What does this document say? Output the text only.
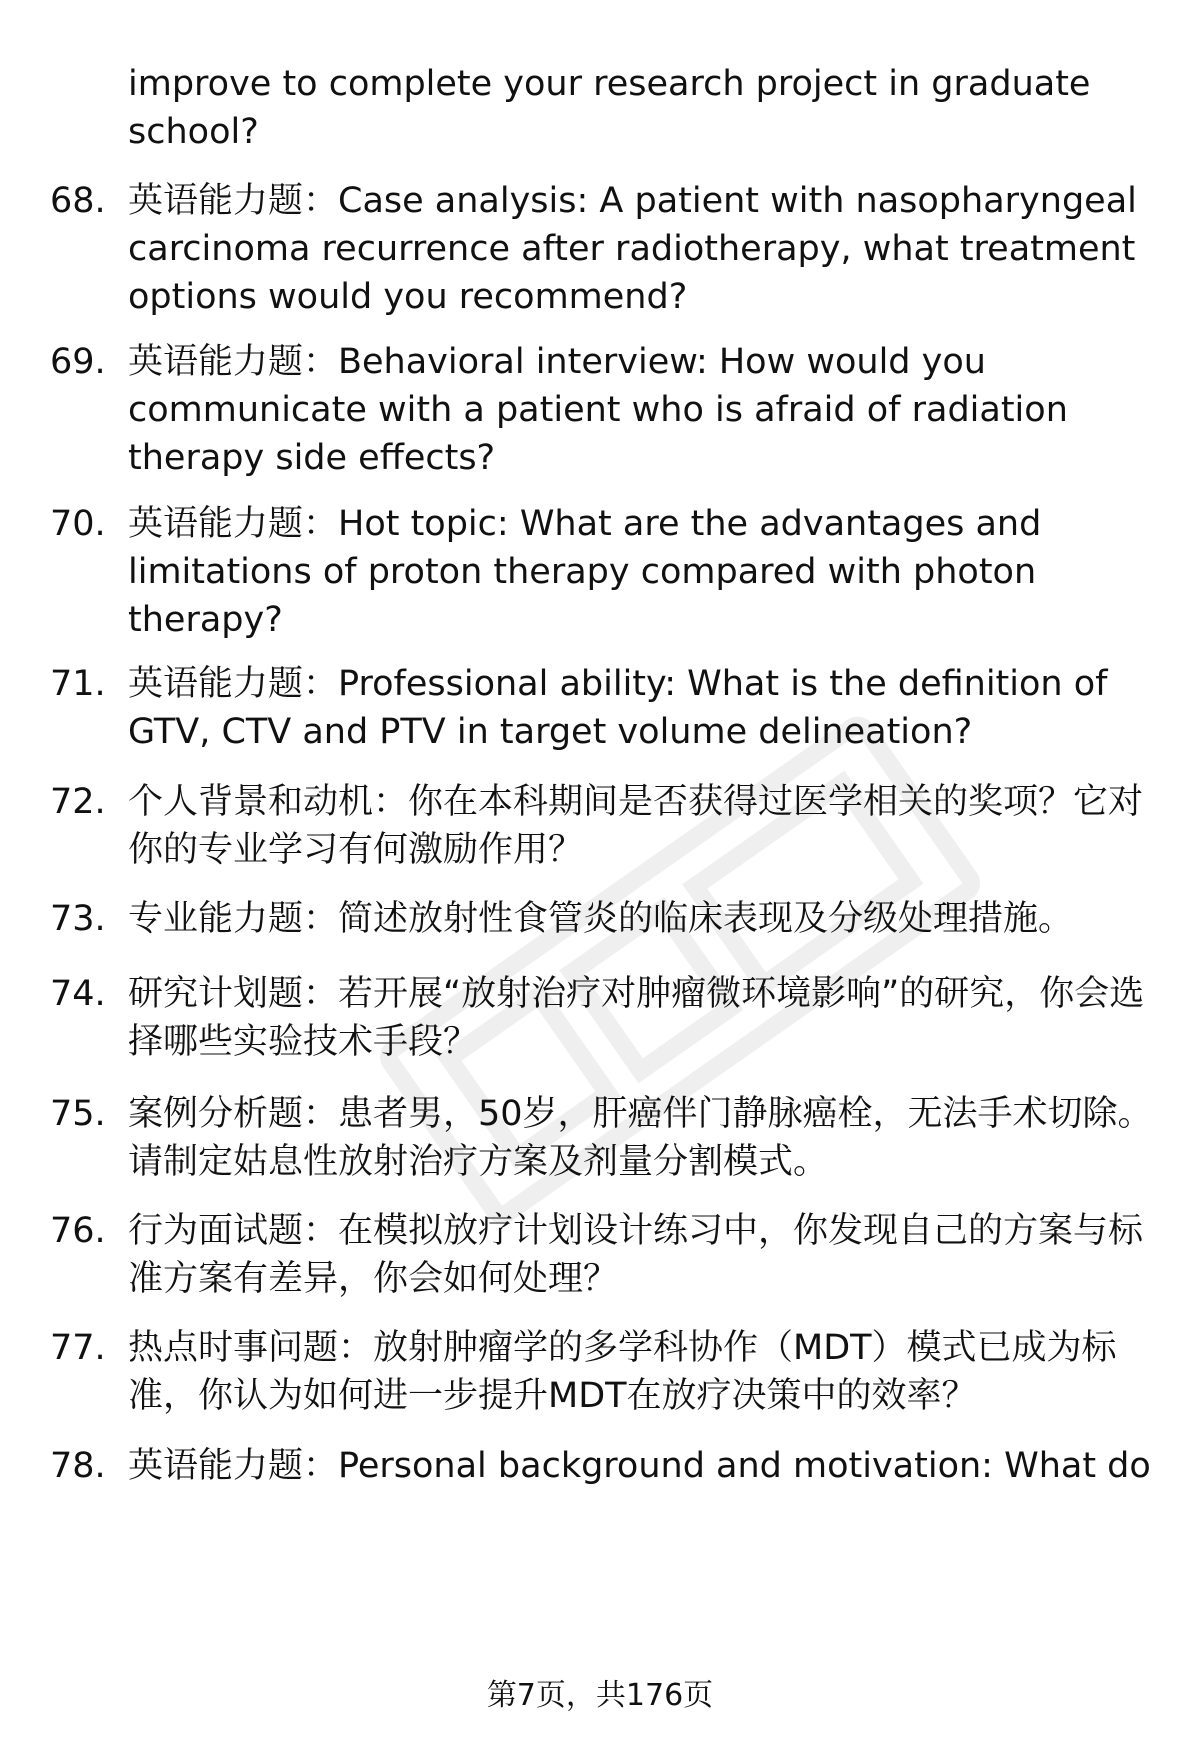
improve to complete your research project in graduate school?
68. 英语能力题：Case analysis: A patient with nasopharyngeal carcinoma recurrence after radiotherapy, what treatment options would you recommend?
69. 英语能力题：Behavioral interview: How would you communicate with a patient who is afraid of radiation therapy side effects?
70. 英语能力题：Hot topic: What are the advantages and limitations of proton therapy compared with photon therapy?
71. 英语能力题：Professional ability: What is the definition of GTV, CTV and PTV in target volume delineation?
72. 个人背景和动机：你在本科期间是否获得过医学相关的奖项？它对你的专业学习有何激励作用？
73. 专业能力题：简述放射性食管炎的临床表现及分级处理措施。
74. 研究计划题：若开展“放射治疗对肿瘤微环境影响”的研究，你会选择哪些实验技术手段？
75. 案例分析题：患者男，50岁，肝癌伴门静脉癌栓，无法手术切除。请制定姑息性放射治疗方案及剂量分割模式。
76. 行为面试题：在模拟放疗计划设计练习中，你发现自己的方案与标准方案有差异，你会如何处理？
77. 热点时事问题：放射肿瘤学的多学科协作（MDT）模式已成为标准，你认为如何进一步提升MDT在放疗决策中的效率？
78. 英语能力题：Personal background and motivation: What do
第7页，共176页
